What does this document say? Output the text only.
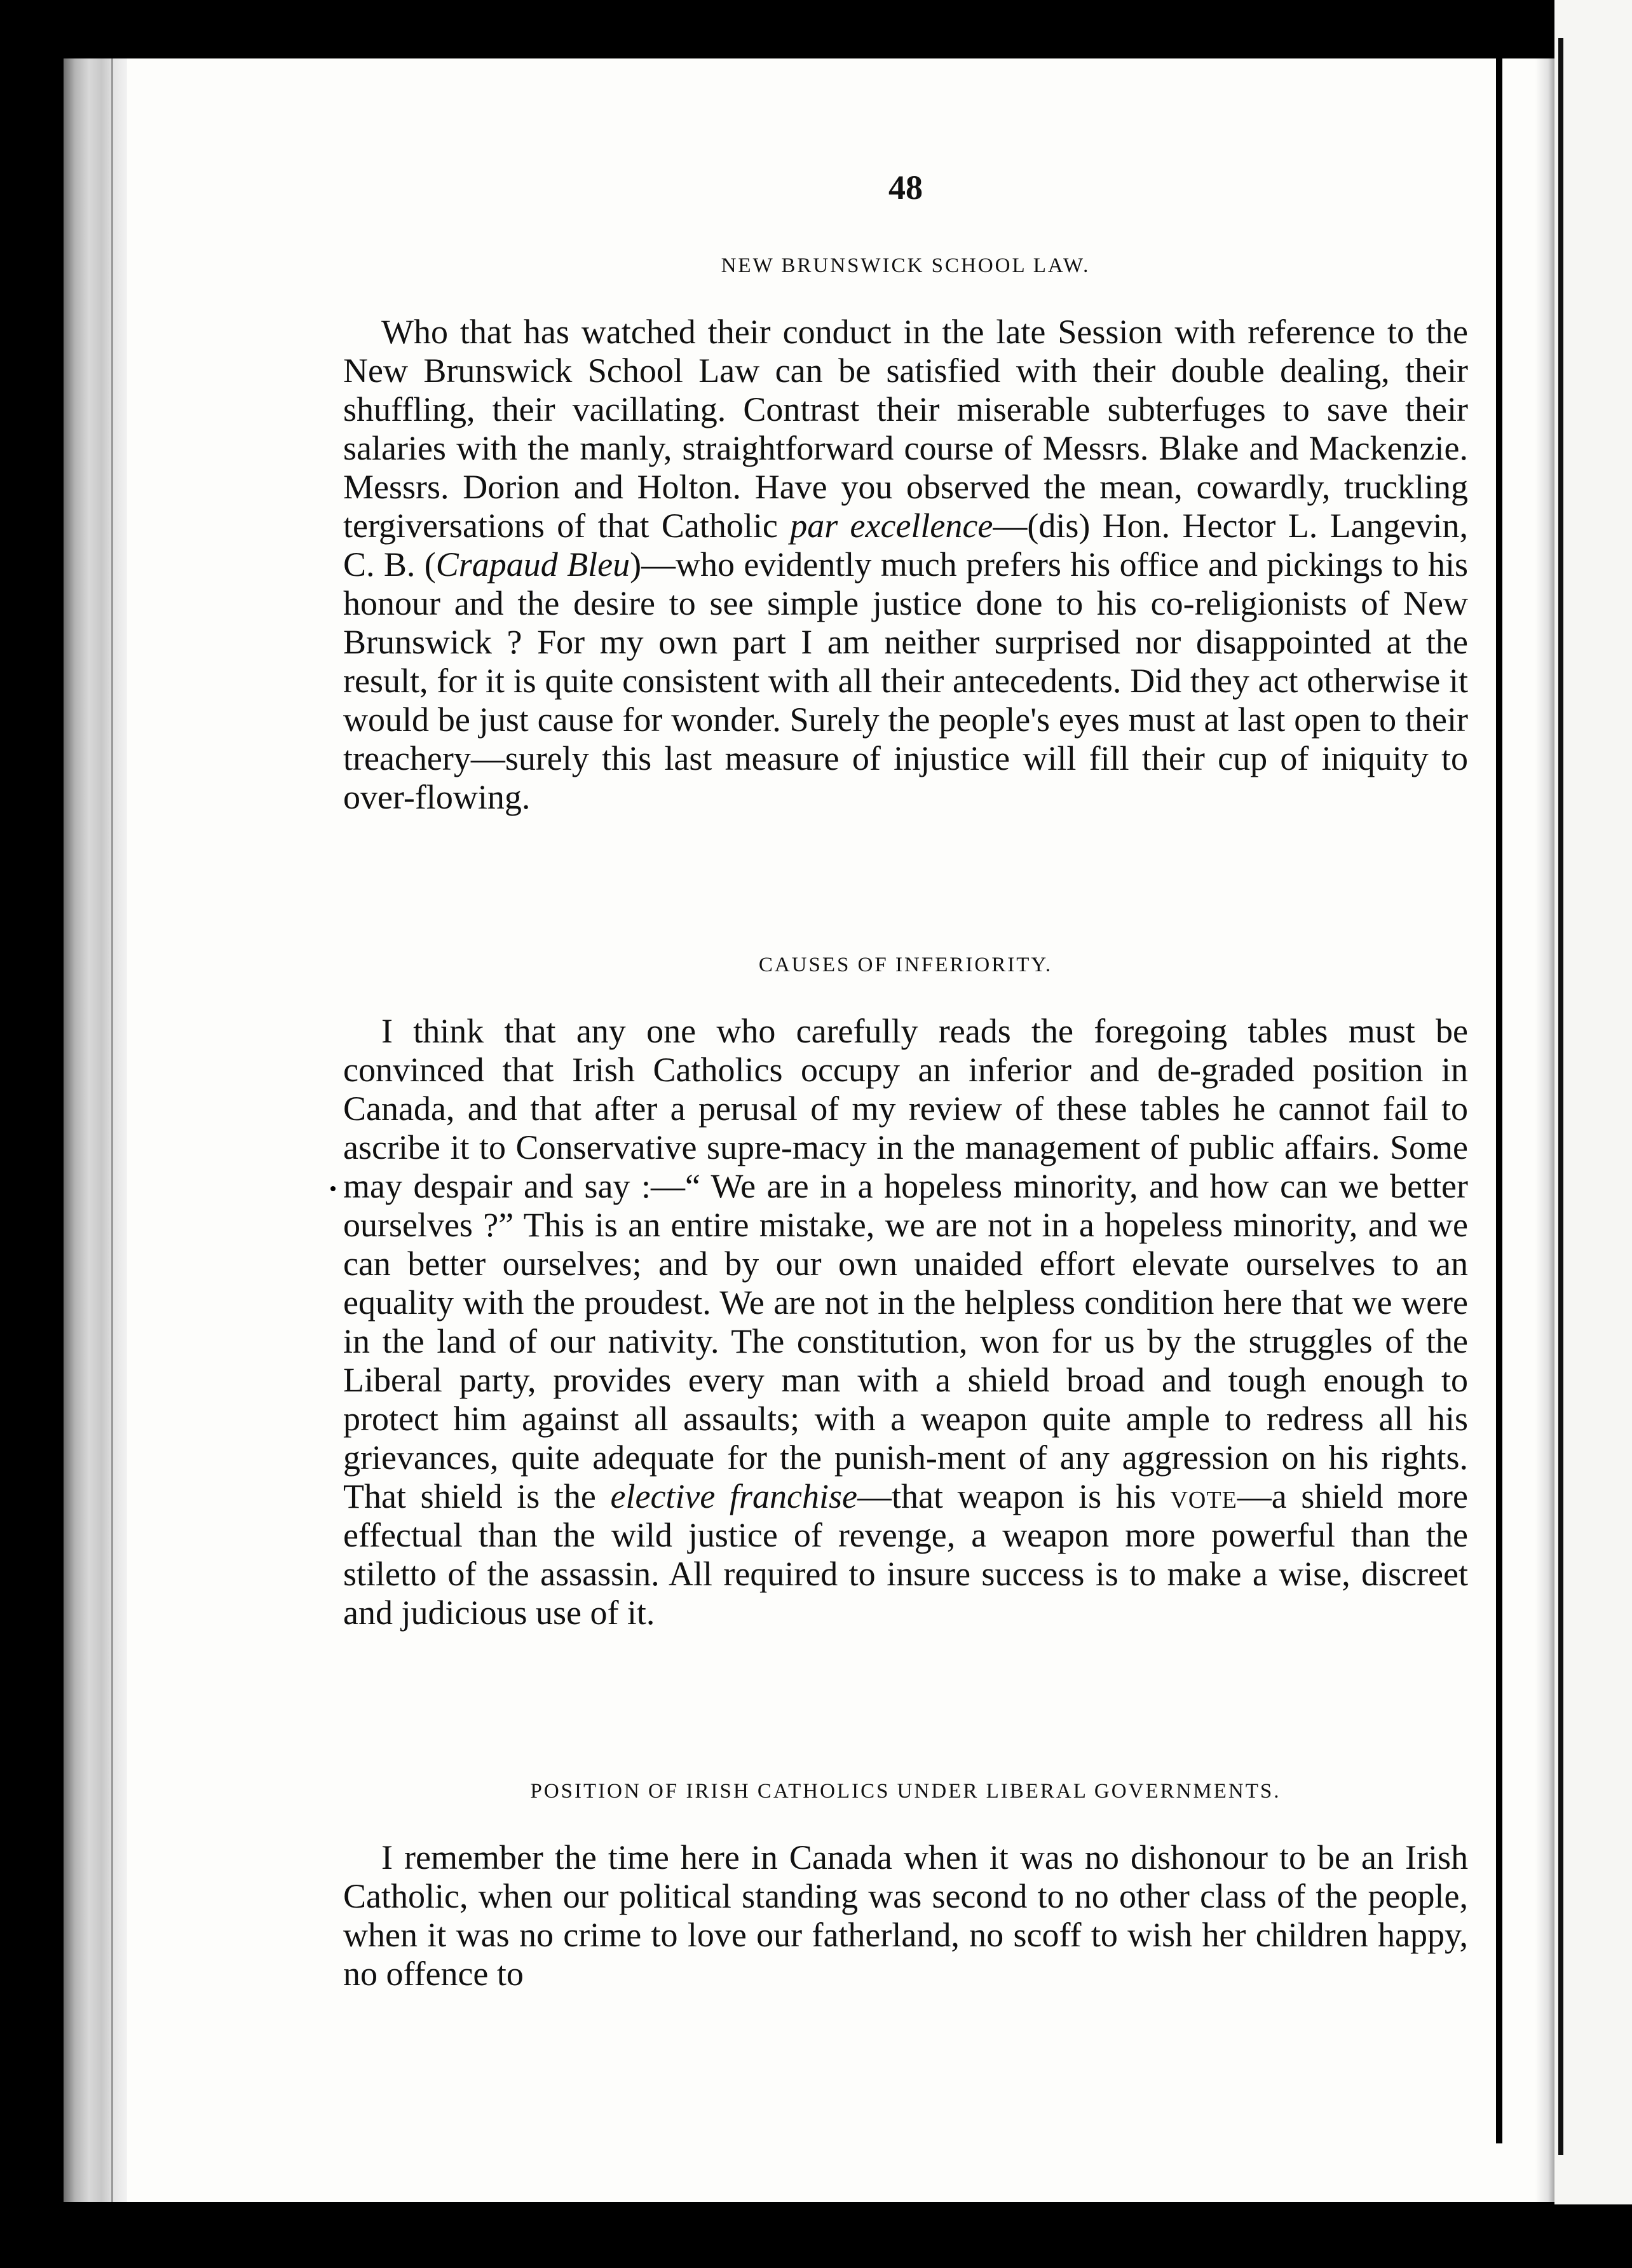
48

NEW BRUNSWICK SCHOOL LAW.

Who that has watched their conduct in the late Session with reference to the New Brunswick School Law can be satisfied with their double dealing, their shuffling, their vacillating. Contrast their miserable subterfuges to save their salaries with the manly, straightforward course of Messrs. Blake and Mackenzie. Messrs. Dorion and Holton. Have you observed the mean, cowardly, truckling tergiversations of that Catholic par excellence—(dis) Hon. Hector L. Langevin, C. B. (Crapaud Bleu)—who evidently much prefers his office and pickings to his honour and the desire to see simple justice done to his co-religionists of New Brunswick ? For my own part I am neither surprised nor disappointed at the result, for it is quite consistent with all their antecedents. Did they act otherwise it would be just cause for wonder. Surely the people's eyes must at last open to their treachery—surely this last measure of injustice will fill their cup of iniquity to over-flowing.

CAUSES OF INFERIORITY.

I think that any one who carefully reads the foregoing tables must be convinced that Irish Catholics occupy an inferior and de-graded position in Canada, and that after a perusal of my review of these tables he cannot fail to ascribe it to Conservative supre-macy in the management of public affairs. Some may despair and say :—“ We are in a hopeless minority, and how can we better ourselves ?” This is an entire mistake, we are not in a hopeless minority, and we can better ourselves; and by our own unaided effort elevate ourselves to an equality with the proudest. We are not in the helpless condition here that we were in the land of our nativity. The constitution, won for us by the struggles of the Liberal party, provides every man with a shield broad and tough enough to protect him against all assaults; with a weapon quite ample to redress all his grievances, quite adequate for the punish-ment of any aggression on his rights. That shield is the elective franchise—that weapon is his vote—a shield more effectual than the wild justice of revenge, a weapon more powerful than the stiletto of the assassin. All required to insure success is to make a wise, discreet and judicious use of it.

POSITION OF IRISH CATHOLICS UNDER LIBERAL GOVERNMENTS.

I remember the time here in Canada when it was no dishonour to be an Irish Catholic, when our political standing was second to no other class of the people, when it was no crime to love our fatherland, no scoff to wish her children happy, no offence to
